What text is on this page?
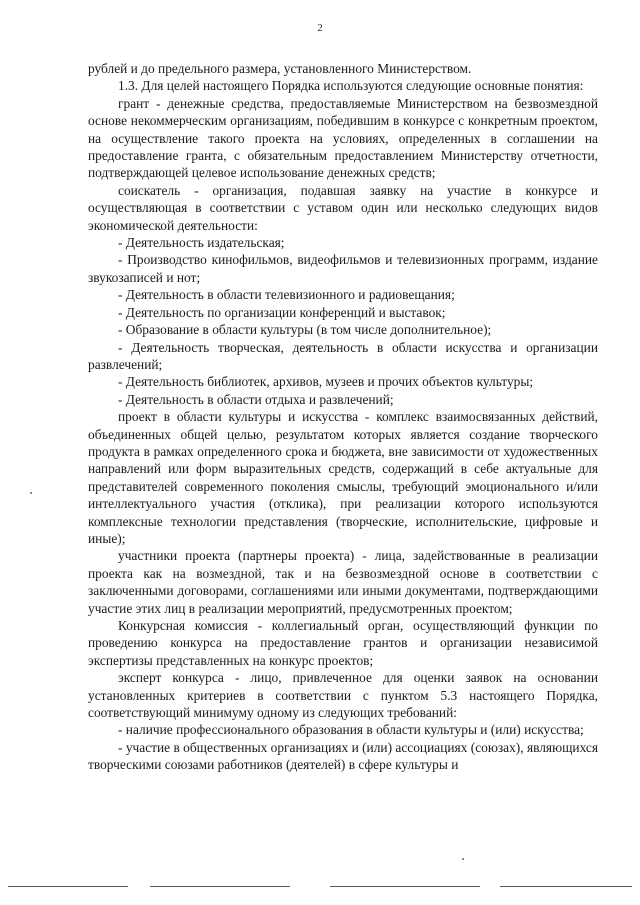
2

рублей и до предельного размера, установленного Министерством.

1.3. Для целей настоящего Порядка используются следующие основные понятия:

грант - денежные средства, предоставляемые Министерством на безвозмездной основе некоммерческим организациям, победившим в конкурсе с конкретным проектом, на осуществление такого проекта на условиях, определенных в соглашении на предоставление гранта, с обязательным предоставлением Министерству отчетности, подтверждающей целевое использование денежных средств;

соискатель - организация, подавшая заявку на участие в конкурсе и осуществляющая в соответствии с уставом один или несколько следующих видов экономической деятельности:

- Деятельность издательская;

- Производство кинофильмов, видеофильмов и телевизионных программ, издание звукозаписей и нот;

- Деятельность в области телевизионного и радиовещания;

- Деятельность по организации конференций и выставок;

- Образование в области культуры (в том числе дополнительное);

- Деятельность творческая, деятельность в области искусства и организации развлечений;

- Деятельность библиотек, архивов, музеев и прочих объектов культуры;

- Деятельность в области отдыха и развлечений;

проект в области культуры и искусства - комплекс взаимосвязанных действий, объединенных общей целью, результатом которых является создание творческого продукта в рамках определенного срока и бюджета, вне зависимости от художественных направлений или форм выразительных средств, содержащий в себе актуальные для представителей современного поколения смыслы, требующий эмоционального и/или интеллектуального участия (отклика), при реализации которого используются комплексные технологии представления (творческие, исполнительские, цифровые и иные);

участники проекта (партнеры проекта) - лица, задействованные в реализации проекта как на возмездной, так и на безвозмездной основе в соответствии с заключенными договорами, соглашениями или иными документами, подтверждающими участие этих лиц в реализации мероприятий, предусмотренных проектом;

Конкурсная комиссия - коллегиальный орган, осуществляющий функции по проведению конкурса на предоставление грантов и организации независимой экспертизы представленных на конкурс проектов;

эксперт конкурса - лицо, привлеченное для оценки заявок на основании установленных критериев в соответствии с пунктом 5.3 настоящего Порядка, соответствующий минимуму одному из следующих требований:

- наличие профессионального образования в области культуры и (или) искусства;

- участие в общественных организациях и (или) ассоциациях (союзах), являющихся творческими союзами работников (деятелей) в сфере культуры и
